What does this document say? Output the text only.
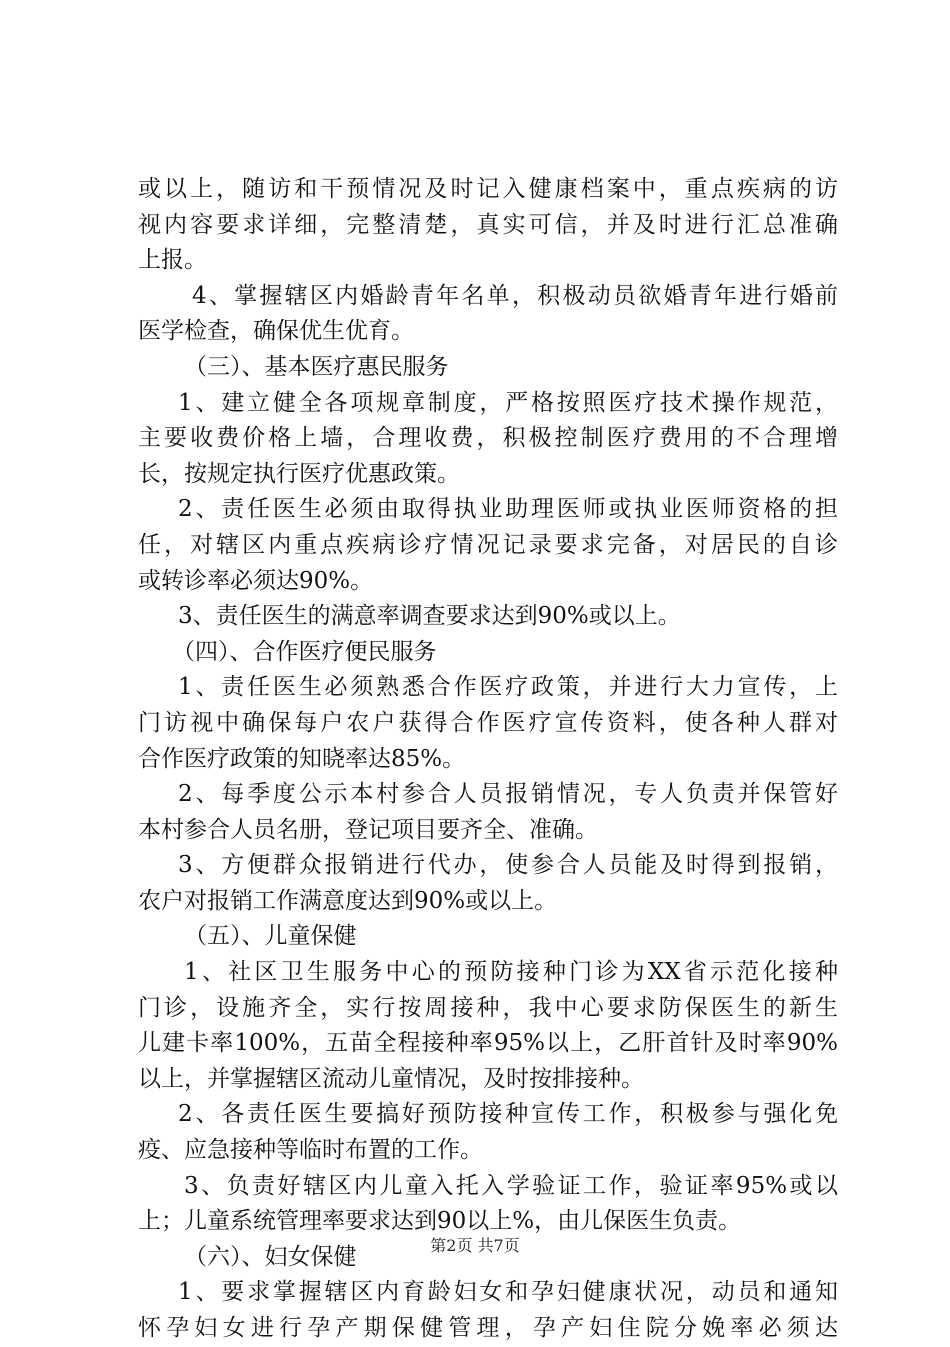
或以上，随访和干预情况及时记入健康档案中，重点疾病的访
视内容要求详细，完整清楚，真实可信，并及时进行汇总准确
上报。
4、掌握辖区内婚龄青年名单，积极动员欲婚青年进行婚前
医学检查，确保优生优育。
（三）、基本医疗惠民服务
1、建立健全各项规章制度，严格按照医疗技术操作规范，
主要收费价格上墙，合理收费，积极控制医疗费用的不合理增
长，按规定执行医疗优惠政策。
2、责任医生必须由取得执业助理医师或执业医师资格的担
任，对辖区内重点疾病诊疗情况记录要求完备，对居民的自诊
或转诊率必须达90%。
3、责任医生的满意率调查要求达到90%或以上。
（四）、合作医疗便民服务
1、责任医生必须熟悉合作医疗政策，并进行大力宣传，上
门访视中确保每户农户获得合作医疗宣传资料，使各种人群对
合作医疗政策的知晓率达85%。
2、每季度公示本村参合人员报销情况，专人负责并保管好
本村参合人员名册，登记项目要齐全、准确。
3、方便群众报销进行代办，使参合人员能及时得到报销，
农户对报销工作满意度达到90%或以上。
（五）、儿童保健
1、社区卫生服务中心的预防接种门诊为XX省示范化接种
门诊，设施齐全，实行按周接种，我中心要求防保医生的新生
儿建卡率100%，五苗全程接种率95%以上，乙肝首针及时率90%
以上，并掌握辖区流动儿童情况，及时按排接种。
2、各责任医生要搞好预防接种宣传工作，积极参与强化免
疫、应急接种等临时布置的工作。
3、负责好辖区内儿童入托入学验证工作，验证率95%或以
上；儿童系统管理率要求达到90以上%，由儿保医生负责。
（六）、妇女保健
1、要求掌握辖区内育龄妇女和孕妇健康状况，动员和通知
怀孕妇女进行孕产期保健管理，孕产妇住院分娩率必须达
第2页 共7页
